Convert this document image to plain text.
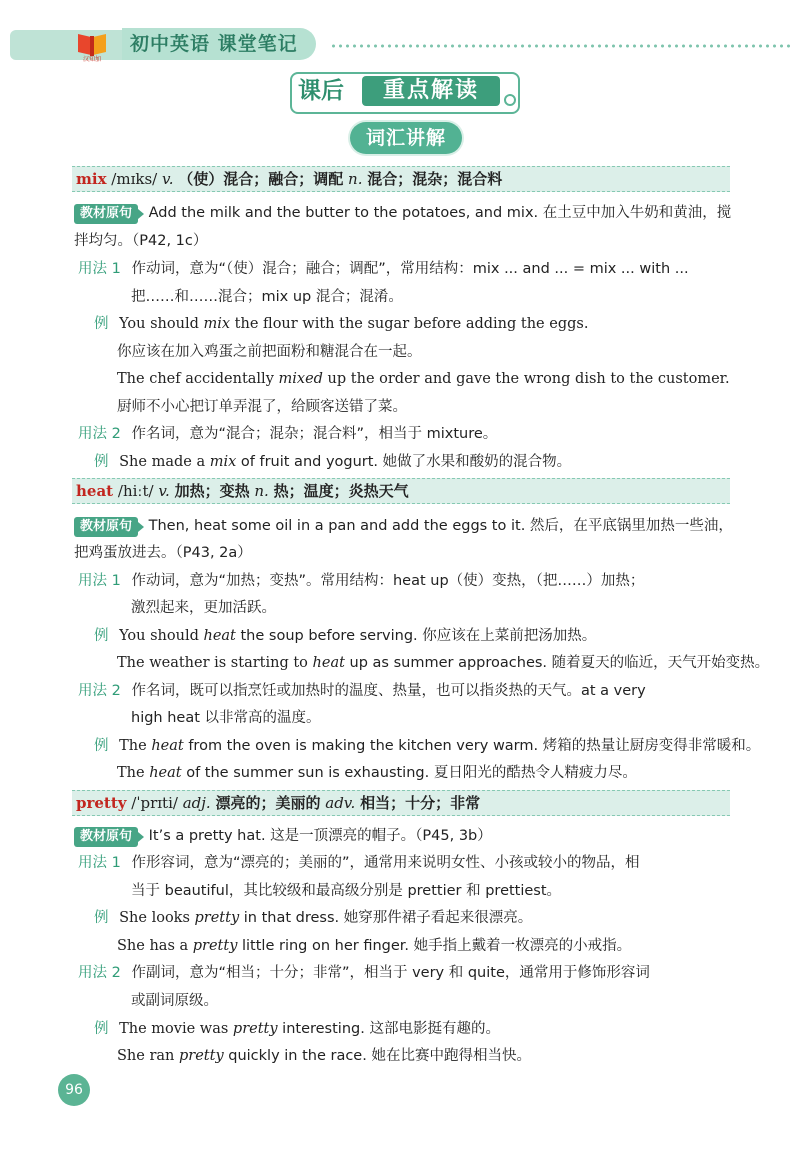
汉知加
初中英语 课堂笔记
课后	重点解读
词汇讲解
mix /mɪks/ v. （使）混合；融合；调配 n. 混合；混杂；混合料
教材原句 Add the milk and the butter to the potatoes, and mix. 在土豆中加入牛奶和黄油，搅
拌均匀。（P42, 1c）
用法 1 作动词，意为“（使）混合；融合；调配”，常用结构：mix ... and ... = mix ... with ...
把……和……混合；mix up 混合；混淆。
例 You should mix the flour with the sugar before adding the eggs.
你应该在加入鸡蛋之前把面粉和糖混合在一起。
The chef accidentally mixed up the order and gave the wrong dish to the customer.
厨师不小心把订单弄混了，给顾客送错了菜。
用法 2 作名词，意为“混合；混杂；混合料”，相当于 mixture。
例 She made a mix of fruit and yogurt. 她做了水果和酸奶的混合物。
heat /hiːt/ v. 加热；变热 n. 热；温度；炎热天气
教材原句 Then, heat some oil in a pan and add the eggs to it. 然后，在平底锅里加热一些油，
把鸡蛋放进去。（P43, 2a）
用法 1 作动词，意为“加热；变热”。常用结构：heat up（使）变热，（把……）加热；
激烈起来，更加活跃。
例 You should heat the soup before serving. 你应该在上菜前把汤加热。
The weather is starting to heat up as summer approaches. 随着夏天的临近，天气开始变热。
用法 2 作名词，既可以指烹饪或加热时的温度、热量，也可以指炎热的天气。at a very
high heat 以非常高的温度。
例 The heat from the oven is making the kitchen very warm. 烤箱的热量让厨房变得非常暖和。
The heat of the summer sun is exhausting. 夏日阳光的酷热令人精疲力尽。
pretty /ˈprɪti/ adj. 漂亮的；美丽的 adv. 相当；十分；非常
教材原句 It’s a pretty hat. 这是一顶漂亮的帽子。（P45, 3b）
用法 1 作形容词，意为“漂亮的；美丽的”，通常用来说明女性、小孩或较小的物品，相
当于 beautiful，其比较级和最高级分别是 prettier 和 prettiest。
例 She looks pretty in that dress. 她穿那件裙子看起来很漂亮。
She has a pretty little ring on her finger. 她手指上戴着一枚漂亮的小戒指。
用法 2 作副词，意为“相当；十分；非常”，相当于 very 和 quite，通常用于修饰形容词
或副词原级。
例 The movie was pretty interesting. 这部电影挺有趣的。
She ran pretty quickly in the race. 她在比赛中跑得相当快。
96
